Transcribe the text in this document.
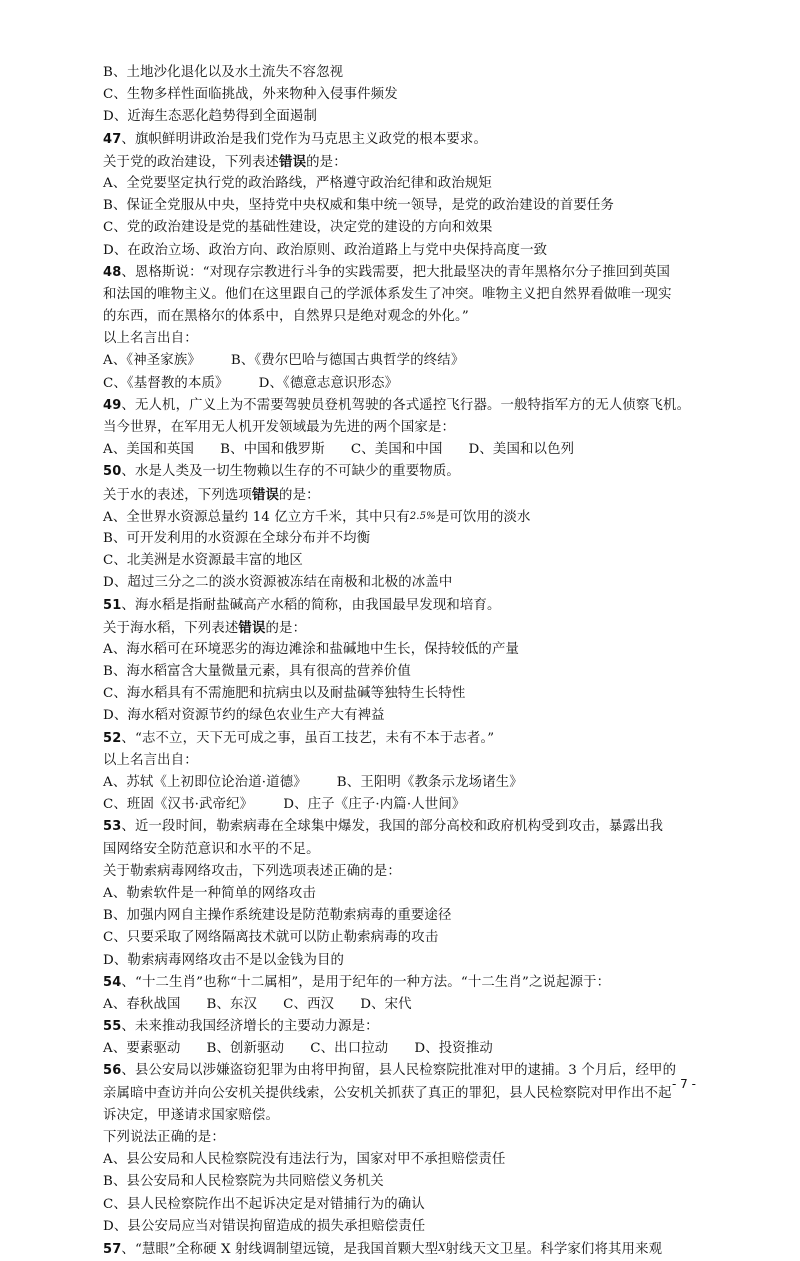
B、土地沙化退化以及水土流失不容忽视
C、生物多样性面临挑战，外来物种入侵事件频发
D、近海生态恶化趋势得到全面遏制
47、旗帜鲜明讲政治是我们党作为马克思主义政党的根本要求。
关于党的政治建设，下列表述错误的是：
A、全党要坚定执行党的政治路线，严格遵守政治纪律和政治规矩
B、保证全党服从中央，坚持党中央权威和集中统一领导，是党的政治建设的首要任务
C、党的政治建设是党的基础性建设，决定党的建设的方向和效果
D、在政治立场、政治方向、政治原则、政治道路上与党中央保持高度一致
48、恩格斯说：“对现存宗教进行斗争的实践需要，把大批最坚决的青年黑格尔分子推回到英国
和法国的唯物主义。他们在这里跟自己的学派体系发生了冲突。唯物主义把自然界看做唯一现实
的东西，而在黑格尔的体系中，自然界只是绝对观念的外化。”
以上名言出自：
A、《神圣家族》 B、《费尔巴哈与德国古典哲学的终结》
C、《基督教的本质》 D、《德意志意识形态》
49、无人机，广义上为不需要驾驶员登机驾驶的各式遥控飞行器。一般特指军方的无人侦察飞机。
当今世界，在军用无人机开发领域最为先进的两个国家是：
A、美国和英国 B、中国和俄罗斯 C、美国和中国 D、美国和以色列
50、水是人类及一切生物赖以生存的不可缺少的重要物质。
关于水的表述，下列选项错误的是：
A、全世界水资源总量约 14 亿立方千米，其中只有2.5%是可饮用的淡水
B、可开发利用的水资源在全球分布并不均衡
C、北美洲是水资源最丰富的地区
D、超过三分之二的淡水资源被冻结在南极和北极的冰盖中
51、海水稻是指耐盐碱高产水稻的简称，由我国最早发现和培育。
关于海水稻，下列表述错误的是：
A、海水稻可在环境恶劣的海边滩涂和盐碱地中生长，保持较低的产量
B、海水稻富含大量微量元素，具有很高的营养价值
C、海水稻具有不需施肥和抗病虫以及耐盐碱等独特生长特性
D、海水稻对资源节约的绿色农业生产大有裨益
52、“志不立，天下无可成之事，虽百工技艺，未有不本于志者。”
以上名言出自：
A、苏轼《上初即位论治道·道德》 B、王阳明《教条示龙场诸生》
C、班固《汉书·武帝纪》 D、庄子《庄子·内篇·人世间》
53、近一段时间，勒索病毒在全球集中爆发，我国的部分高校和政府机构受到攻击，暴露出我
国网络安全防范意识和水平的不足。
关于勒索病毒网络攻击，下列选项表述正确的是：
A、勒索软件是一种简单的网络攻击
B、加强内网自主操作系统建设是防范勒索病毒的重要途径
C、只要采取了网络隔离技术就可以防止勒索病毒的攻击
D、勒索病毒网络攻击不是以金钱为目的
54、“十二生肖”也称“十二属相”，是用于纪年的一种方法。“十二生肖”之说起源于：
A、春秋战国 B、东汉 C、西汉 D、宋代
55、未来推动我国经济增长的主要动力源是：
A、要素驱动 B、创新驱动 C、出口拉动 D、投资推动
56、县公安局以涉嫌盗窃犯罪为由将甲拘留，县人民检察院批准对甲的逮捕。3 个月后，经甲的
亲属暗中查访并向公安机关提供线索，公安机关抓获了真正的罪犯，县人民检察院对甲作出不起
诉决定，甲遂请求国家赔偿。
下列说法正确的是：
A、县公安局和人民检察院没有违法行为，国家对甲不承担赔偿责任
B、县公安局和人民检察院为共同赔偿义务机关
C、县人民检察院作出不起诉决定是对错捕行为的确认
D、县公安局应当对错误拘留造成的损失承担赔偿责任
57、“慧眼”全称硬 X 射线调制望远镜，是我国首颗大型X射线天文卫星。科学家们将其用来观
- 7 -
